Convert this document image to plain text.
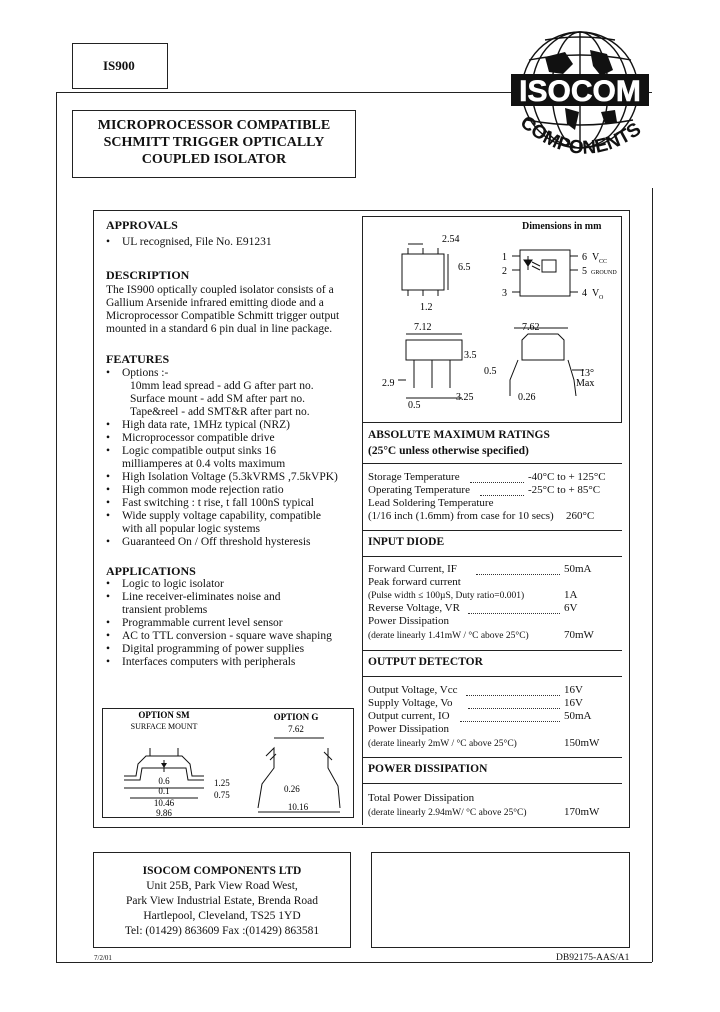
IS900
MICROPROCESSOR COMPATIBLE
SCHMITT TRIGGER OPTICALLY
COUPLED ISOLATOR
ISOCOM
COMPONENTS
APPROVALS
• UL recognised, File No. E91231
DESCRIPTION
The IS900 optically coupled isolator consists of a
Gallium Arsenide infrared emitting diode and a
Microprocessor Compatible Schmitt trigger output
mounted in a standard 6 pin dual in line package.
FEATURES
• Options :-
10mm lead spread - add G after part no.
Surface mount - add SM after part no.
Tape&reel - add SMT&R after part no.
• High data rate, 1MHz typical (NRZ)
• Microprocessor compatible drive
• Logic compatible output sinks 16
milliamperes at 0.4 volts maximum
• High Isolation Voltage (5.3kVRMS ,7.5kVPK)
• High common mode rejection ratio
• Fast switching : t rise, t fall 100nS typical
• Wide supply voltage capability, compatible
with all popular logic systems
• Guaranteed On / Off threshold hysteresis
APPLICATIONS
• Logic to logic isolator
• Line receiver-eliminates noise and
transient problems
• Programmable current level sensor
• AC to TTL conversion - square wave shaping
• Digital programming of power supplies
• Interfaces computers with peripherals
OPTION SM
SURFACE MOUNT
0.6
0.1
1.25
0.75
10.46
9.86
OPTION G
7.62
0.26
10.16
Dimensions in mm
2.54
6.5
1.2
1
2
3
6 V CC
5 GROUND
4 V O
7.12	7.62
3.5
0.5
2.9
0.5
3.25	0.26
13°
Max
ABSOLUTE MAXIMUM RATINGS
(25°C unless otherwise specified)
Storage Temperature	-40°C to + 125°C
Operating Temperature	-25°C to + 85°C
Lead Soldering Temperature
(1/16 inch (1.6mm) from case for 10 secs) 260°C
INPUT DIODE
Forward Current, IF	50mA
Peak forward current
(Pulse width ≤ 100µS, Duty ratio=0.001)	1A
Reverse Voltage, VR	6V
Power Dissipation
(derate linearly 1.41mW / °C above 25°C)	70mW
OUTPUT DETECTOR
Output Voltage, Vcc	16V
Supply Voltage, Vo	16V
Output current, IO	50mA
Power Dissipation
(derate linearly 2mW / °C above 25°C)	150mW
POWER DISSIPATION
Total Power Dissipation
(derate linearly 2.94mW/ °C above 25°C)	170mW
ISOCOM COMPONENTS LTD
Unit 25B, Park View Road West,
Park View Industrial Estate, Brenda Road
Hartlepool, Cleveland, TS25 1YD
Tel: (01429) 863609 Fax :(01429) 863581
7/2/01	DB92175-AAS/A1
